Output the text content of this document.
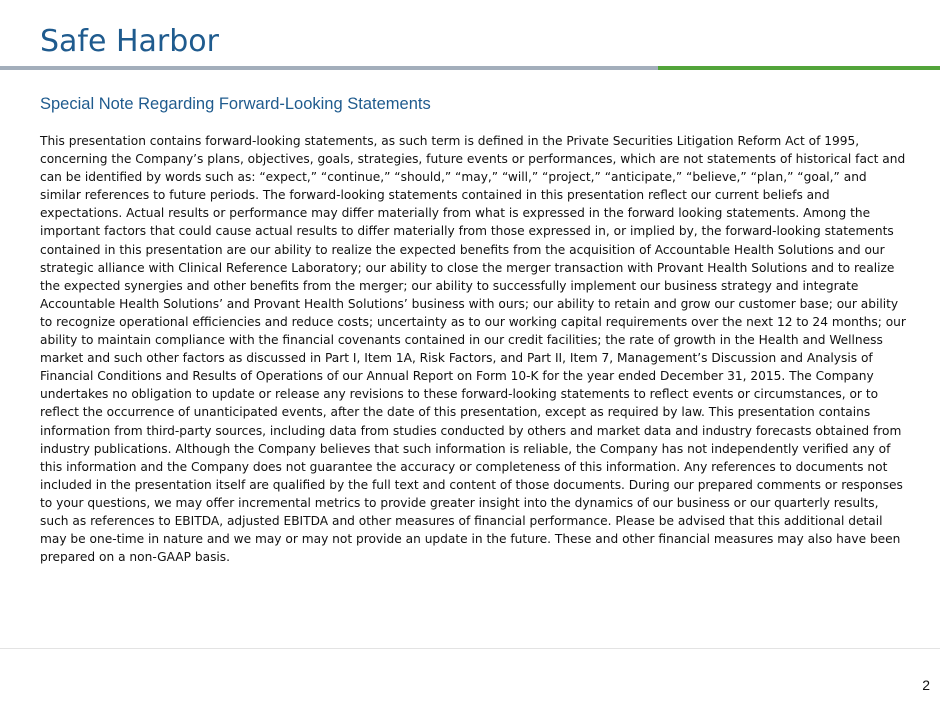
Safe Harbor
Special Note Regarding Forward-Looking Statements

This presentation contains forward-looking statements, as such term is defined in the Private Securities Litigation Reform Act of 1995, concerning the Company’s plans, objectives, goals, strategies, future events or performances, which are not statements of historical fact and can be identified by words such as: “expect,” “continue,” “should,” “may,” “will,” “project,” “anticipate,” “believe,” “plan,” “goal,” and similar references to future periods. The forward-looking statements contained in this presentation reflect our current beliefs and expectations. Actual results or performance may differ materially from what is expressed in the forward looking statements. Among the important factors that could cause actual results to differ materially from those expressed in, or implied by, the forward-looking statements contained in this presentation are our ability to realize the expected benefits from the acquisition of Accountable Health Solutions and our strategic alliance with Clinical Reference Laboratory; our ability to close the merger transaction with Provant Health Solutions and to realize the expected synergies and other benefits from the merger; our ability to successfully implement our business strategy and integrate Accountable Health Solutions’ and Provant Health Solutions’ business with ours; our ability to retain and grow our customer base; our ability to recognize operational efficiencies and reduce costs; uncertainty as to our working capital requirements over the next 12 to 24 months; our ability to maintain compliance with the financial covenants contained in our credit facilities; the rate of growth in the Health and Wellness market and such other factors as discussed in Part I, Item 1A, Risk Factors, and Part II, Item 7, Management’s Discussion and Analysis of Financial Conditions and Results of Operations of our Annual Report on Form 10-K for the year ended December 31, 2015. The Company undertakes no obligation to update or release any revisions to these forward-looking statements to reflect events or circumstances, or to reflect the occurrence of unanticipated events, after the date of this presentation, except as required by law. This presentation contains information from third-party sources, including data from studies conducted by others and market data and industry forecasts obtained from industry publications. Although the Company believes that such information is reliable, the Company has not independently verified any of this information and the Company does not guarantee the accuracy or completeness of this information. Any references to documents not included in the presentation itself are qualified by the full text and content of those documents. During our prepared comments or responses to your questions, we may offer incremental metrics to provide greater insight into the dynamics of our business or our quarterly results, such as references to EBITDA, adjusted EBITDA and other measures of financial performance. Please be advised that this additional detail may be one-time in nature and we may or may not provide an update in the future. These and other financial measures may also have been prepared on a non-GAAP basis.

2
